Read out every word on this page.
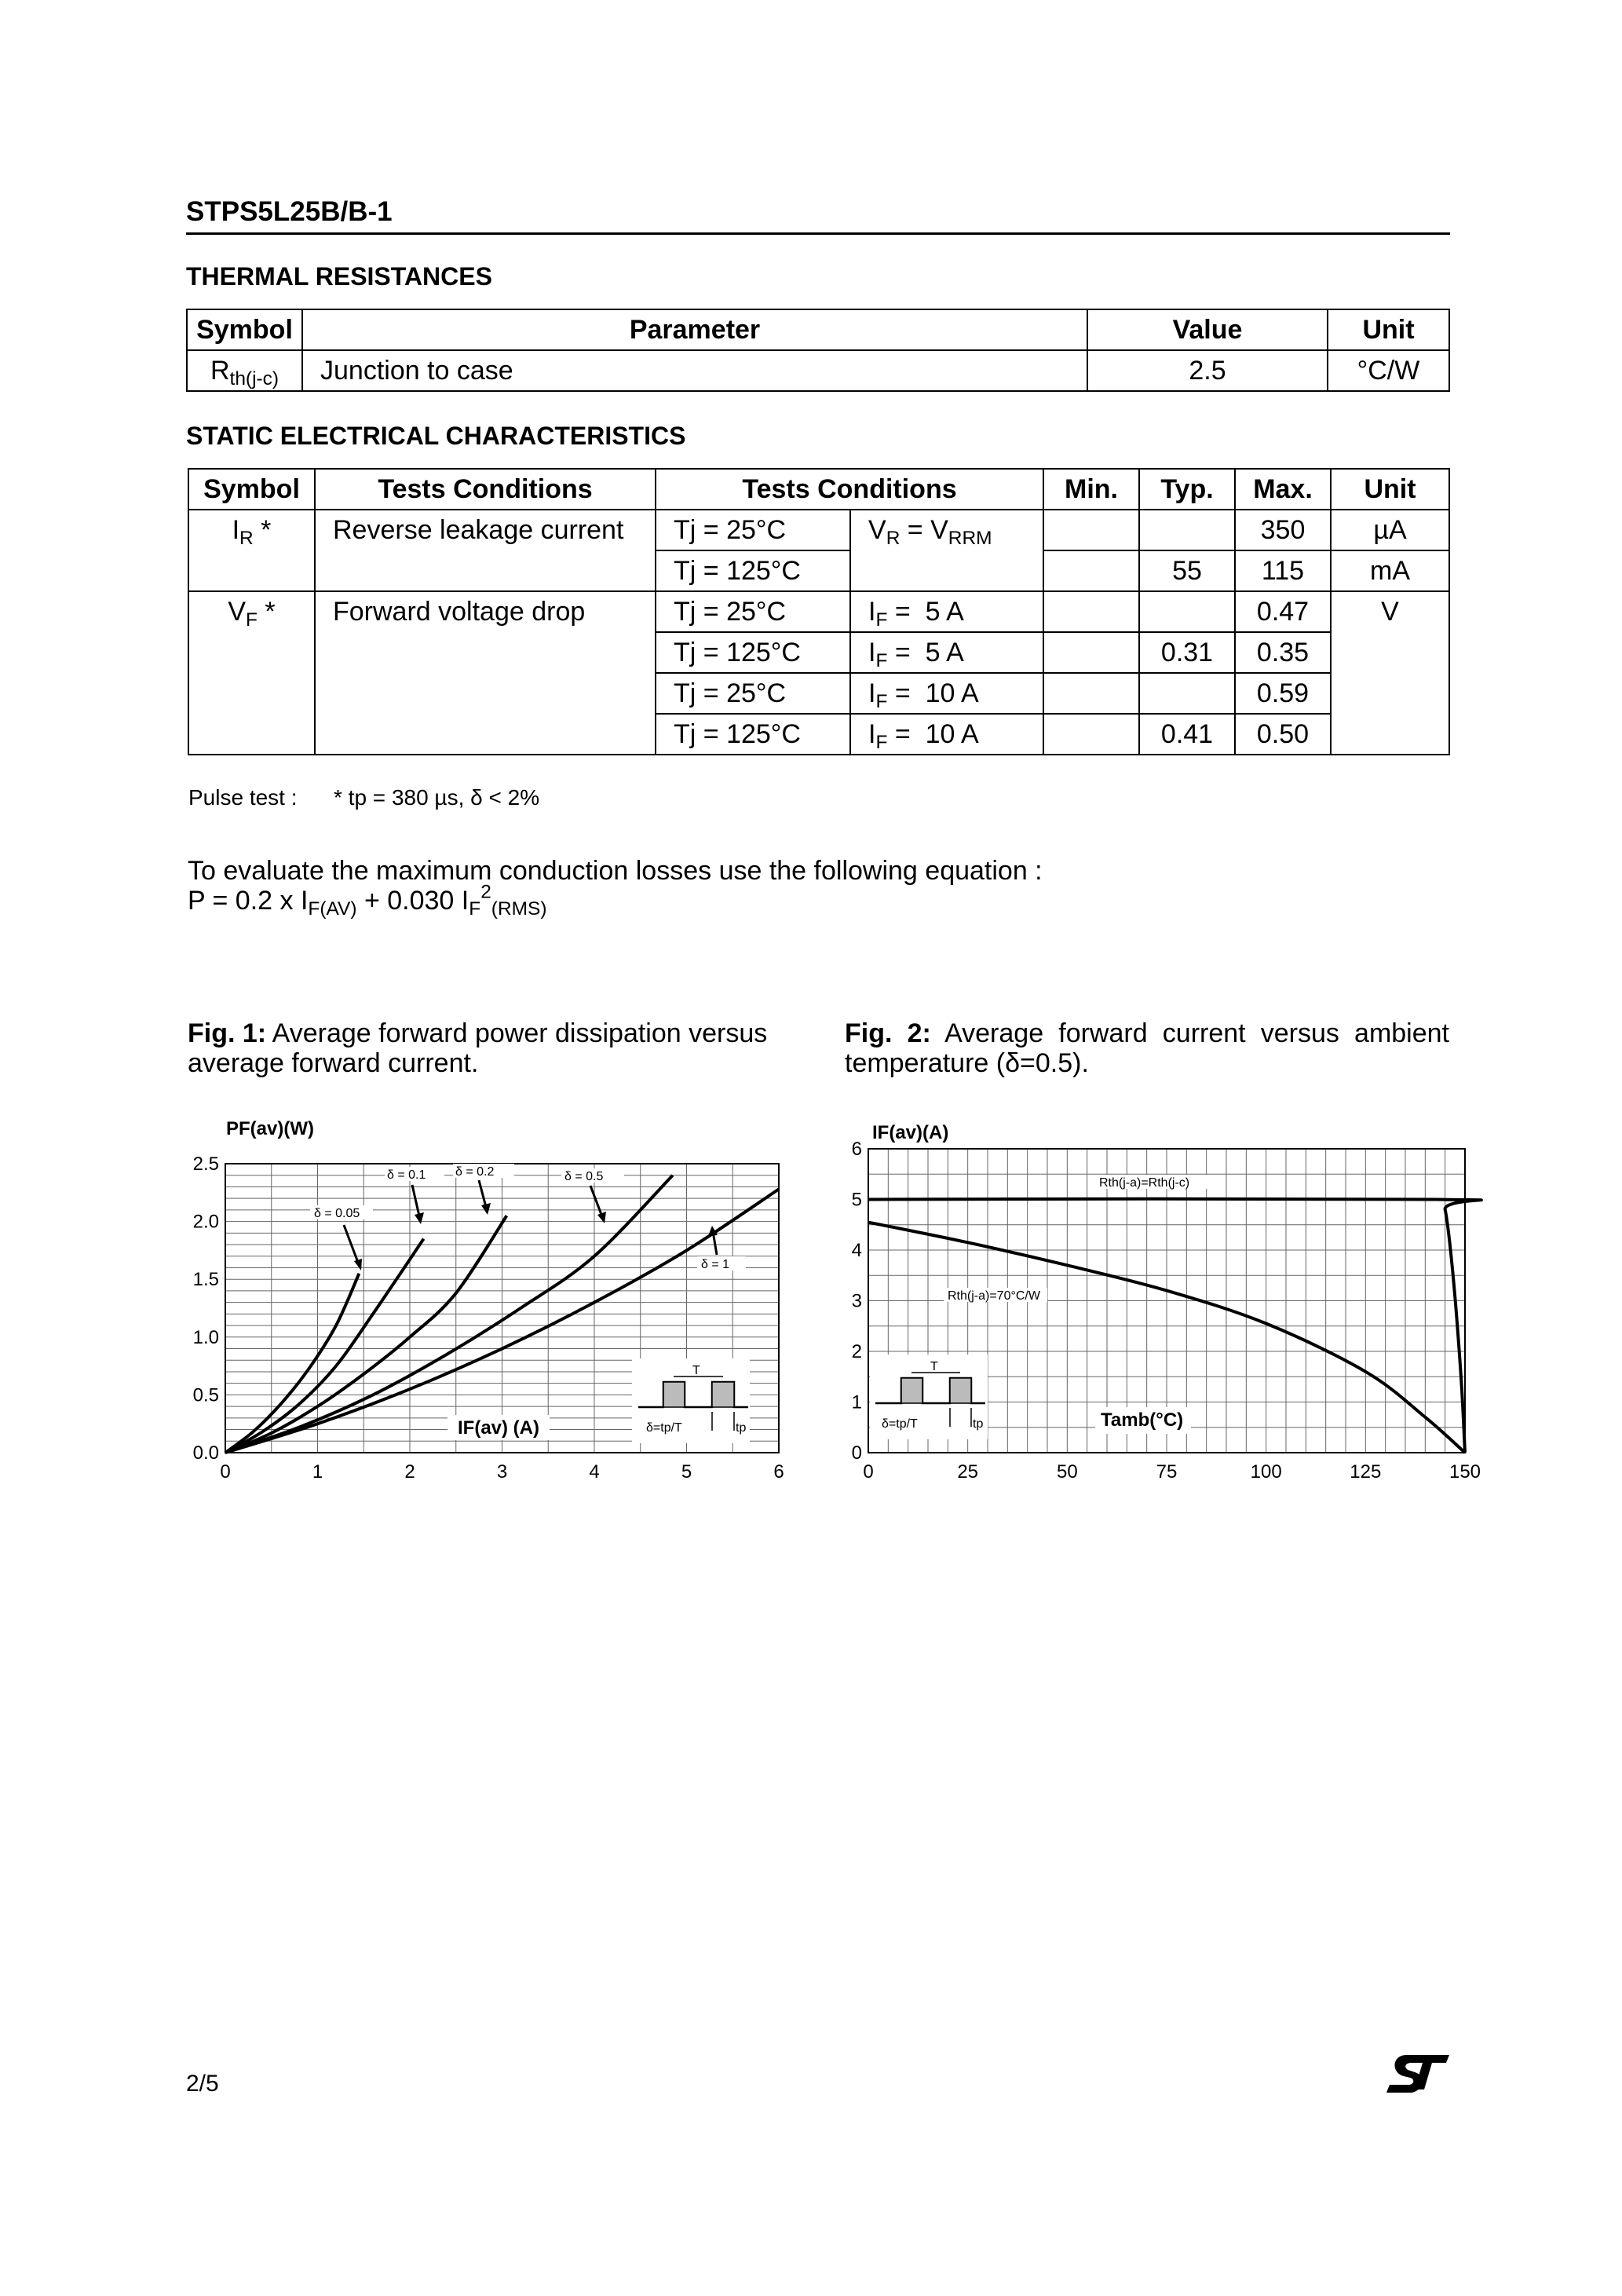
STPS5L25B/B-1
THERMAL RESISTANCES
Symbol	Parameter	Value	Unit
$R_{th(j-c)}$	Junction to case	2.5	°C/W
STATIC ELECTRICAL CHARACTERISTICS
Symbol	Tests Conditions	Tests Conditions		Min.	Typ.	Max.	Unit
$I_R$ *	Reverse leakage current	Tj = 25°C	$V_R = V_{RRM}$			350	µA
		Tj = 125°C			55	115	mA
$V_F$ *	Forward voltage drop	Tj = 25°C	$I_F = 5$ A			0.47	V
		Tj = 125°C	$I_F = 5$ A		0.31	0.35	
		Tj = 25°C	$I_F = 10$ A			0.59	
		Tj = 125°C	$I_F = 10$ A		0.41	0.50	
Pulse test : * tp = 380 µs, δ < 2%
To evaluate the maximum conduction losses use the following equation :
P = 0.2 x $I_{F(AV)} + 0.030$ $I_F^2_{(RMS)}$
Fig. 1: Average forward power dissipation versus average forward current.
Fig. 2: Average forward current versus ambient temperature (δ=0.5).
0	1	2	3	4	5	6
0.0
0.5
1.0
1.5
2.0
2.5
PF(av)(W)
IF(av) (A)
δ = 0.05
δ = 0.1 δ = 0.2	δ = 0.5
δ = 1
T
δ=tp/T	tp
0	25	50	75	100	125	150
0
1
2
3
4
5
6
IF(av)(A)
Tamb(°C)
Rth(j-a)=Rth(j-c)
Rth(j-a)=70°C/W
T
δ=tp/T	tp
2/5
